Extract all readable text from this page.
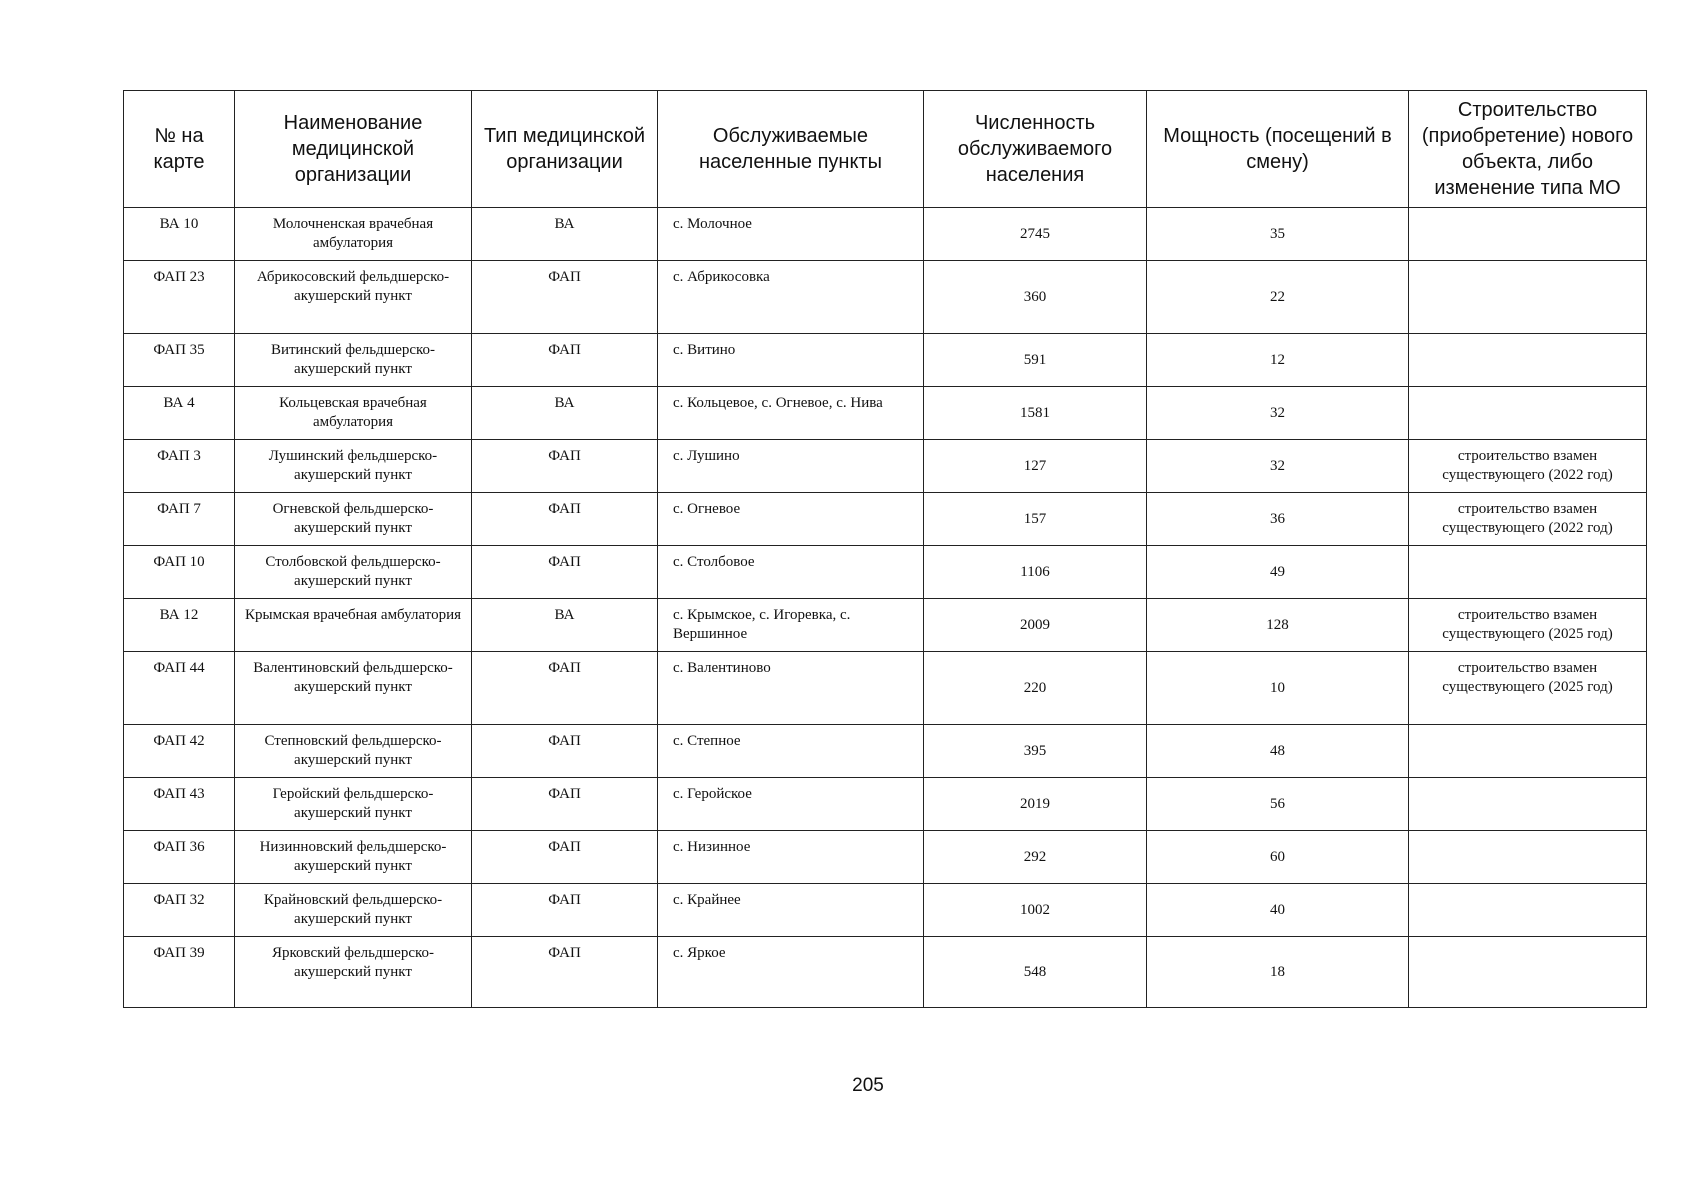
№ на карте	Наименование медицинской организации	Тип медицинской организации	Обслуживаемые населенные пункты	Численность обслуживаемого населения	Мощность (посещений в смену)	Строительство (приобретение) нового объекта, либо изменение типа МО
ВА 10	Молочненская врачебная амбулатория	ВА	с. Молочное	2745	35	
ФАП 23	Абрикосовский фельдшерско- акушерский пункт	ФАП	с. Абрикосовка	360	22	
ФАП 35	Витинский фельдшерско-акушерский пункт	ФАП	с. Витино	591	12	
ВА 4	Кольцевская врачебная амбулатория	ВА	с. Кольцевое, с. Огневое, с. Нива	1581	32	
ФАП 3	Лушинский фельдшерско-акушерский пункт	ФАП	с. Лушино	127	32	строительство взамен существующего (2022 год)
ФАП 7	Огневской фельдшерско-акушерский пункт	ФАП	с. Огневое	157	36	строительство взамен существующего (2022 год)
ФАП 10	Столбовской фельдшерско-акушерский пункт	ФАП	с. Столбовое	1106	49	
ВА 12	Крымская врачебная амбулатория	ВА	с. Крымское, с. Игоревка, с. Вершинное	2009	128	строительство взамен существующего (2025 год)
ФАП 44	Валентиновский фельдшерско- акушерский пункт	ФАП	с. Валентиново	220	10	строительство взамен существующего (2025 год)
ФАП 42	Степновский фельдшерско-акушерский пункт	ФАП	с. Степное	395	48	
ФАП 43	Геройский фельдшерско-акушерский пункт	ФАП	с. Геройское	2019	56	
ФАП 36	Низинновский фельдшерско-акушерский пункт	ФАП	с. Низинное	292	60	
ФАП 32	Крайновский фельдшерско-акушерский пункт	ФАП	с. Крайнее	1002	40	
ФАП 39	Ярковский фельдшерско-акушерский пункт	ФАП	с. Яркое	548	18	
205
